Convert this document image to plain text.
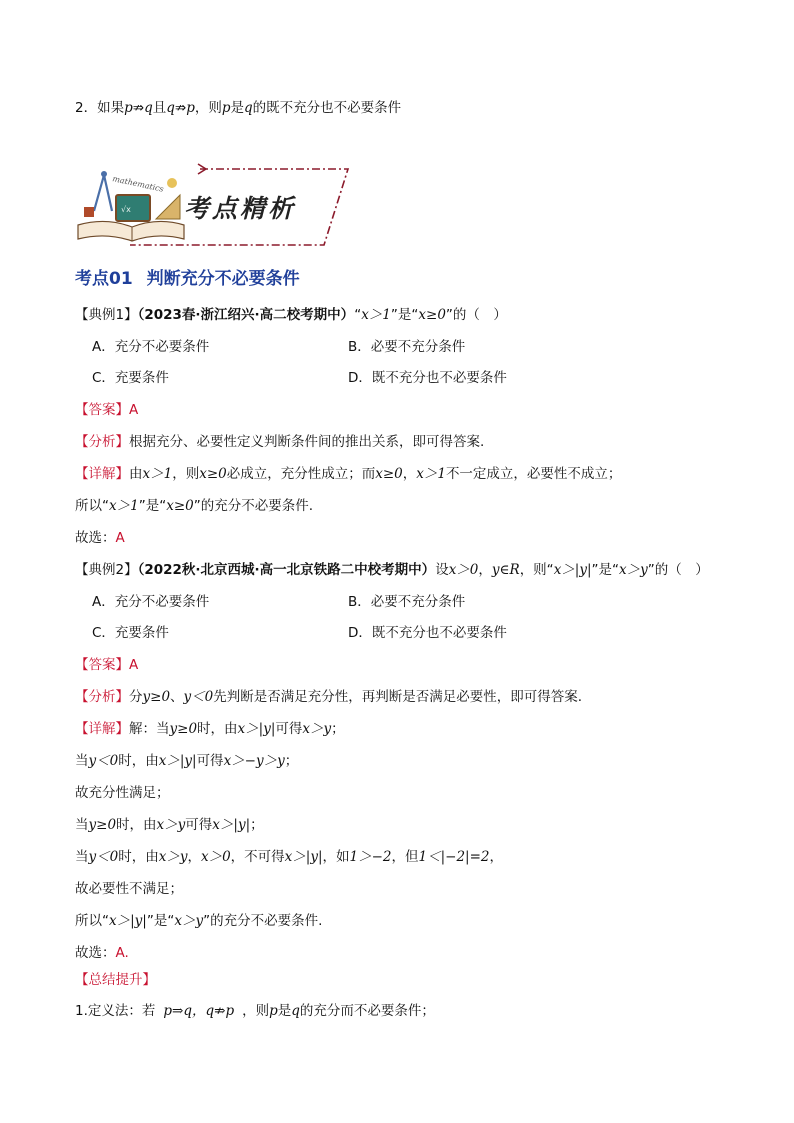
2．如果p⇏q且q⇏p，则p是q的既不充分也不必要条件
√x
mathematics
考点精析
考点01 判断充分不必要条件
【典例1】（2023春·浙江绍兴·高二校考期中）“x＞1”是“x≥0”的（　）
A．充分不必要条件	B．必要不充分条件
C．充要条件	D．既不充分也不必要条件
【答案】A
【分析】根据充分、必要性定义判断条件间的推出关系，即可得答案.
【详解】由x＞1，则x≥0必成立，充分性成立；而x≥0，x＞1不一定成立，必要性不成立；
所以“x＞1”是“x≥0”的充分不必要条件.
故选：A
【典例2】（2022秋·北京西城·高一北京铁路二中校考期中）设x＞0，y∈R，则“x＞|y|”是“x＞y”的（　）
A．充分不必要条件	B．必要不充分条件
C．充要条件	D．既不充分也不必要条件
【答案】A
【分析】分y≥0、y＜0先判断是否满足充分性，再判断是否满足必要性，即可得答案.
【详解】解：当y≥0时，由x＞|y|可得x＞y；
当y＜0时，由x＞|y|可得x＞−y＞y；
故充分性满足；
当y≥0时，由x＞y可得x＞|y|；
当y＜0时，由x＞y，x＞0，不可得x＞|y|，如1＞−2，但1＜|−2|=2，
故必要性不满足；
所以“x＞|y|”是“x＞y”的充分不必要条件.
故选：A.
【总结提升】
1.定义法：若 p⇒q，q⇏p ，则p是q的充分而不必要条件；
